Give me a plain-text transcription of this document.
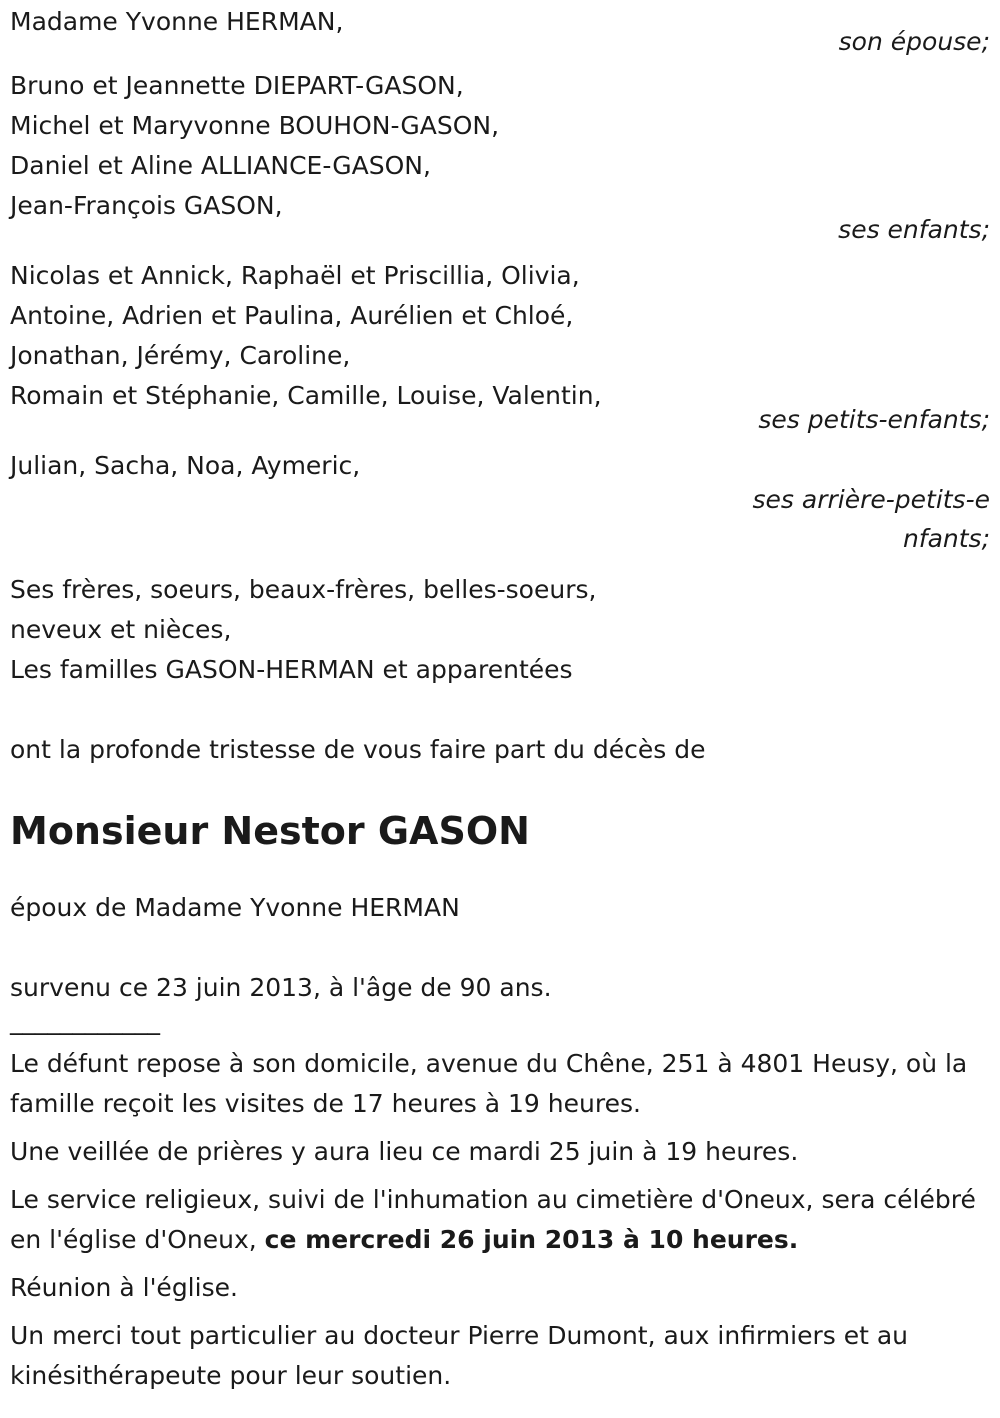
Madame Yvonne HERMAN,
son épouse;
Bruno et Jeannette DIEPART-GASON,
Michel et Maryvonne BOUHON-GASON,
Daniel et Aline ALLIANCE-GASON,
Jean-François GASON,
ses enfants;
Nicolas et Annick, Raphaël et Priscillia, Olivia,
Antoine, Adrien et Paulina, Aurélien et Chloé,
Jonathan, Jérémy, Caroline,
Romain et Stéphanie, Camille, Louise, Valentin,
ses petits-enfants;
Julian, Sacha, Noa, Aymeric,
ses arrière-petits-enfants;
Ses frères, soeurs, beaux-frères, belles-soeurs,
neveux et nièces,
Les familles GASON-HERMAN et apparentées
ont la profonde tristesse de vous faire part du décès de
Monsieur Nestor GASON
époux de Madame Yvonne HERMAN
survenu ce 23 juin 2013, à l'âge de 90 ans.
____________

Le défunt repose à son domicile, avenue du Chêne, 251 à 4801 Heusy, où la famille reçoit les visites de 17 heures à 19 heures.

Une veillée de prières y aura lieu ce mardi 25 juin à 19 heures.

Le service religieux, suivi de l'inhumation au cimetière d'Oneux, sera célébré en l'église d'Oneux, ce mercredi 26 juin 2013 à 10 heures.

Réunion à l'église.

Un merci tout particulier au docteur Pierre Dumont, aux infirmiers et au kinésithérapeute pour leur soutien.
